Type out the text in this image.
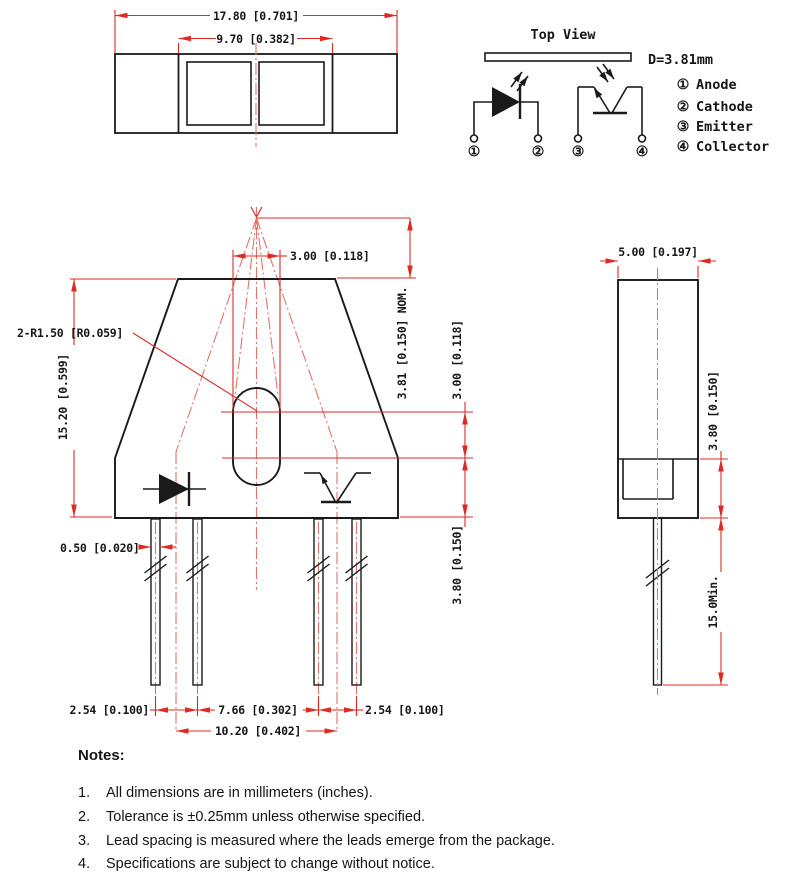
17.80 [0.701]
9.70 [0.382]	Top View
①	② ③	④
D=3.81mm
① Anode
② Cathode
③ Emitter
④ Collector
15.20 [0.599]
2-R1.50 [R0.059]
3.00 [0.118]
3.81 [0.150] NOM.	3.00 [0.118]
3.80 [0.150]
0.50 [0.020]
2.54 [0.100]	7.66 [0.302]	2.54 [0.100]
10.20 [0.402]
5.00 [0.197]
3.80 [0.150]
15.0Min.
Notes:
1. All dimensions are in millimeters (inches).
2. Tolerance is ±0.25mm unless otherwise specified.
3. Lead spacing is measured where the leads emerge from the package.
4. Specifications are subject to change without notice.
